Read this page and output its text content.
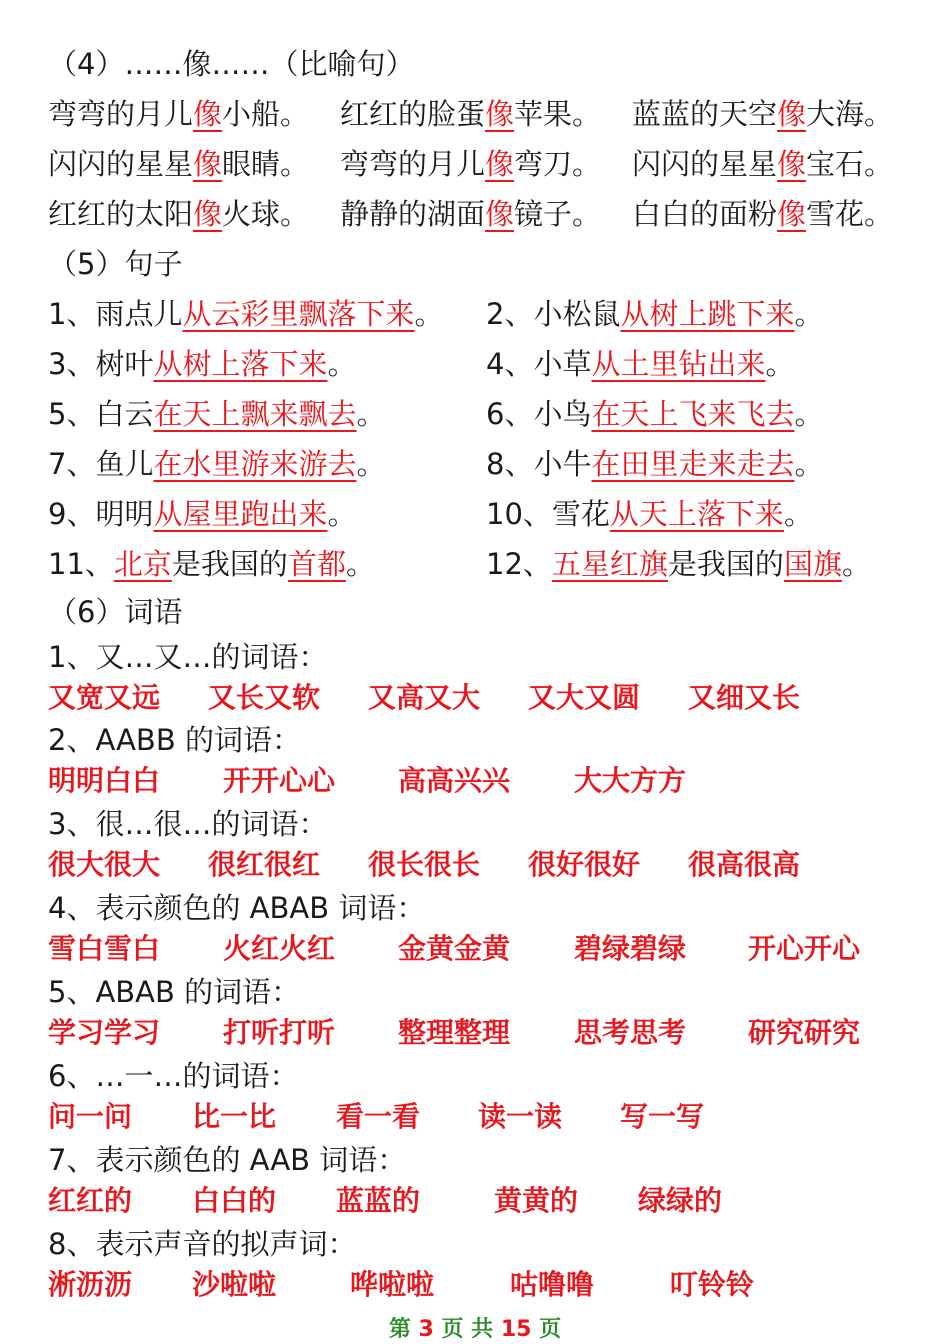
（4）……像……（比喻句）
弯弯的月儿像小船。 红红的脸蛋像苹果。 蓝蓝的天空像大海。
闪闪的星星像眼睛。 弯弯的月儿像弯刀。 闪闪的星星像宝石。
红红的太阳像火球。 静静的湖面像镜子。 白白的面粉像雪花。
（5）句子
1、雨点儿从云彩里飘落下来。 2、小松鼠从树上跳下来。
3、树叶从树上落下来。	4、小草从土里钻出来。
5、白云在天上飘来飘去。	6、小鸟在天上飞来飞去。
7、鱼儿在水里游来游去。	8、小牛在田里走来走去。
9、明明从屋里跑出来。	10、雪花从天上落下来。
11、北京是我国的首都。	12、五星红旗是我国的国旗。
（6）词语
1、又…又…的词语：
又宽又远 又长又软 又高又大 又大又圆 又细又长
2、AABB 的词语：
明明白白 开开心心 高高兴兴 大大方方
3、很…很…的词语：
很大很大 很红很红 很长很长 很好很好 很高很高
4、表示颜色的 ABAB 词语：
雪白雪白 火红火红 金黄金黄 碧绿碧绿 开心开心
5、ABAB 的词语：
学习学习 打听打听 整理整理 思考思考 研究研究
6、…一…的词语：
问一问 比一比 看一看 读一读 写一写
7、表示颜色的 AAB 词语：
红红的 白白的 蓝蓝的	黄黄的 绿绿的
8、表示声音的拟声词：
淅沥沥 沙啦啦	哗啦啦	咕噜噜	叮铃铃
第 3 页 共 15 页
